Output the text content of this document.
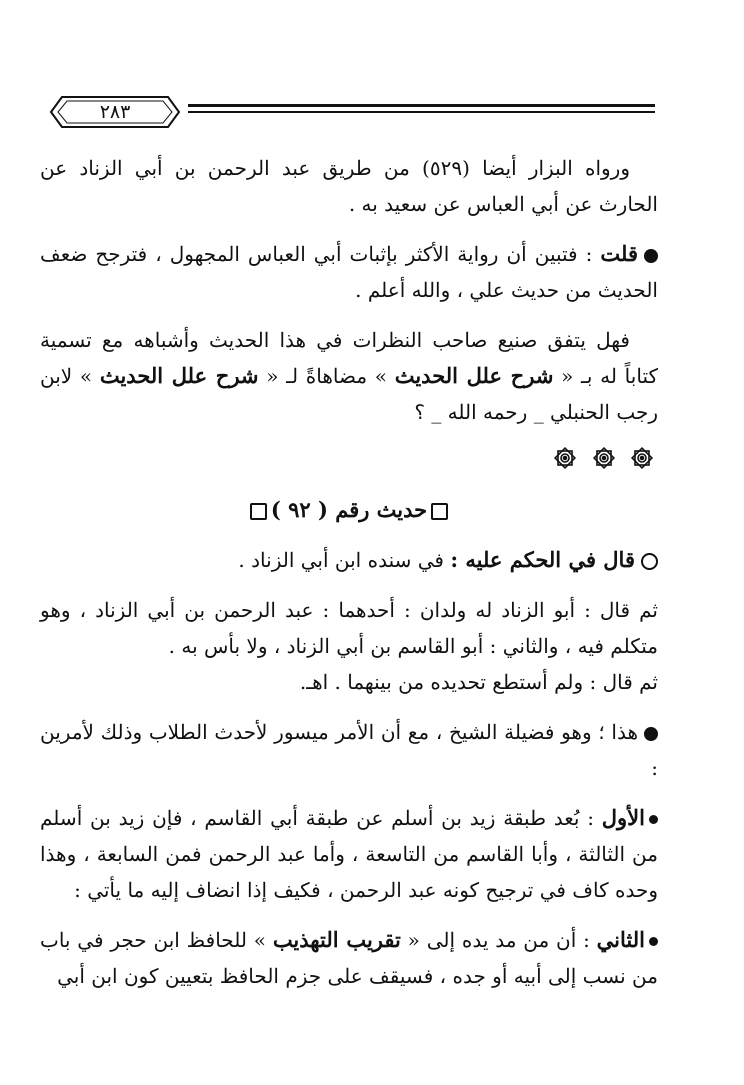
٢٨٣

ورواه البزار أيضا (٥٢٩) من طريق عبد الرحمن بن أبي الزناد عن الحارث عن أبي العباس عن سعيد به .

قلت : فتبين أن رواية الأكثر بإثبات أبي العباس المجهول ، فترجح ضعف الحديث من حديث علي ، والله أعلم .

فهل يتفق صنيع صاحب النظرات في هذا الحديث وأشباهه مع تسمية كتاباً له بـ « شرح علل الحديث » مضاهاةً لـ « شرح علل الحديث » لابن رجب الحنبلي _ رحمه الله _ ؟

حديث رقم ( ٩٢ )

قال في الحكم عليه : في سنده ابن أبي الزناد .

ثم قال : أبو الزناد له ولدان : أحدهما : عبد الرحمن بن أبي الزناد ، وهو متكلم فيه ، والثاني : أبو القاسم بن أبي الزناد ، ولا بأس به .

ثم قال : ولم أستطع تحديده من بينهما . اهـ.

هذا ؛ وهو فضيلة الشيخ ، مع أن الأمر ميسور لأحدث الطلاب وذلك لأمرين :

الأول : بُعد طبقة زيد بن أسلم عن طبقة أبي القاسم ، فإن زيد بن أسلم من الثالثة ، وأبا القاسم من التاسعة ، وأما عبد الرحمن فمن السابعة ، وهذا وحده كاف في ترجيح كونه عبد الرحمن ، فكيف إذا انضاف إليه ما يأتي :

الثاني : أن من مد يده إلى « تقريب التهذيب » للحافظ ابن حجر في باب من نسب إلى أبيه أو جده ، فسيقف على جزم الحافظ بتعيين كون ابن أبي
